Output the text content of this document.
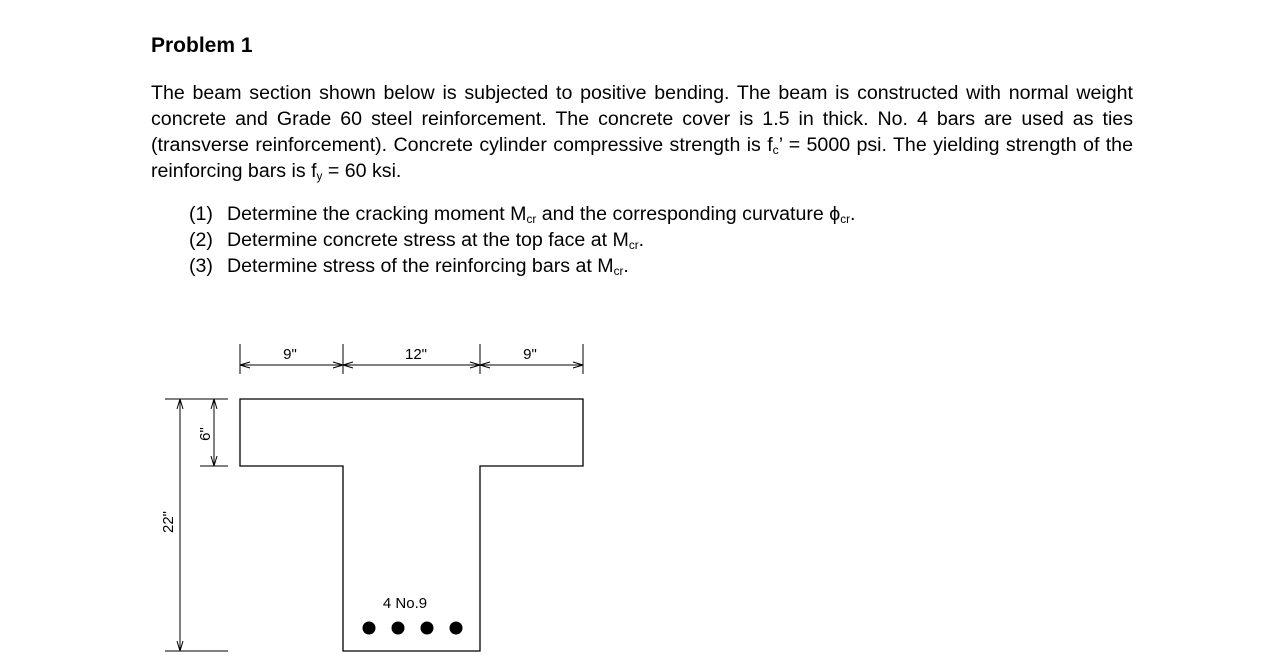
Problem 1

The beam section shown below is subjected to positive bending. The beam is constructed with normal weight concrete and Grade 60 steel reinforcement. The concrete cover is 1.5 in thick. No. 4 bars are used as ties (transverse reinforcement). Concrete cylinder compressive strength is $f_c$’ = 5000 psi. The yielding strength of the reinforcing bars is $f_y = 60$ ksi.

(1) Determine the cracking moment $M_{cr}$ and the corresponding curvature $\phi_{cr}$.
(2) Determine concrete stress at the top face at $M_{cr}$.
(3) Determine stress of the reinforcing bars at $M_{cr}$.
9"	12"	9"
6"
22"
4 No.9
